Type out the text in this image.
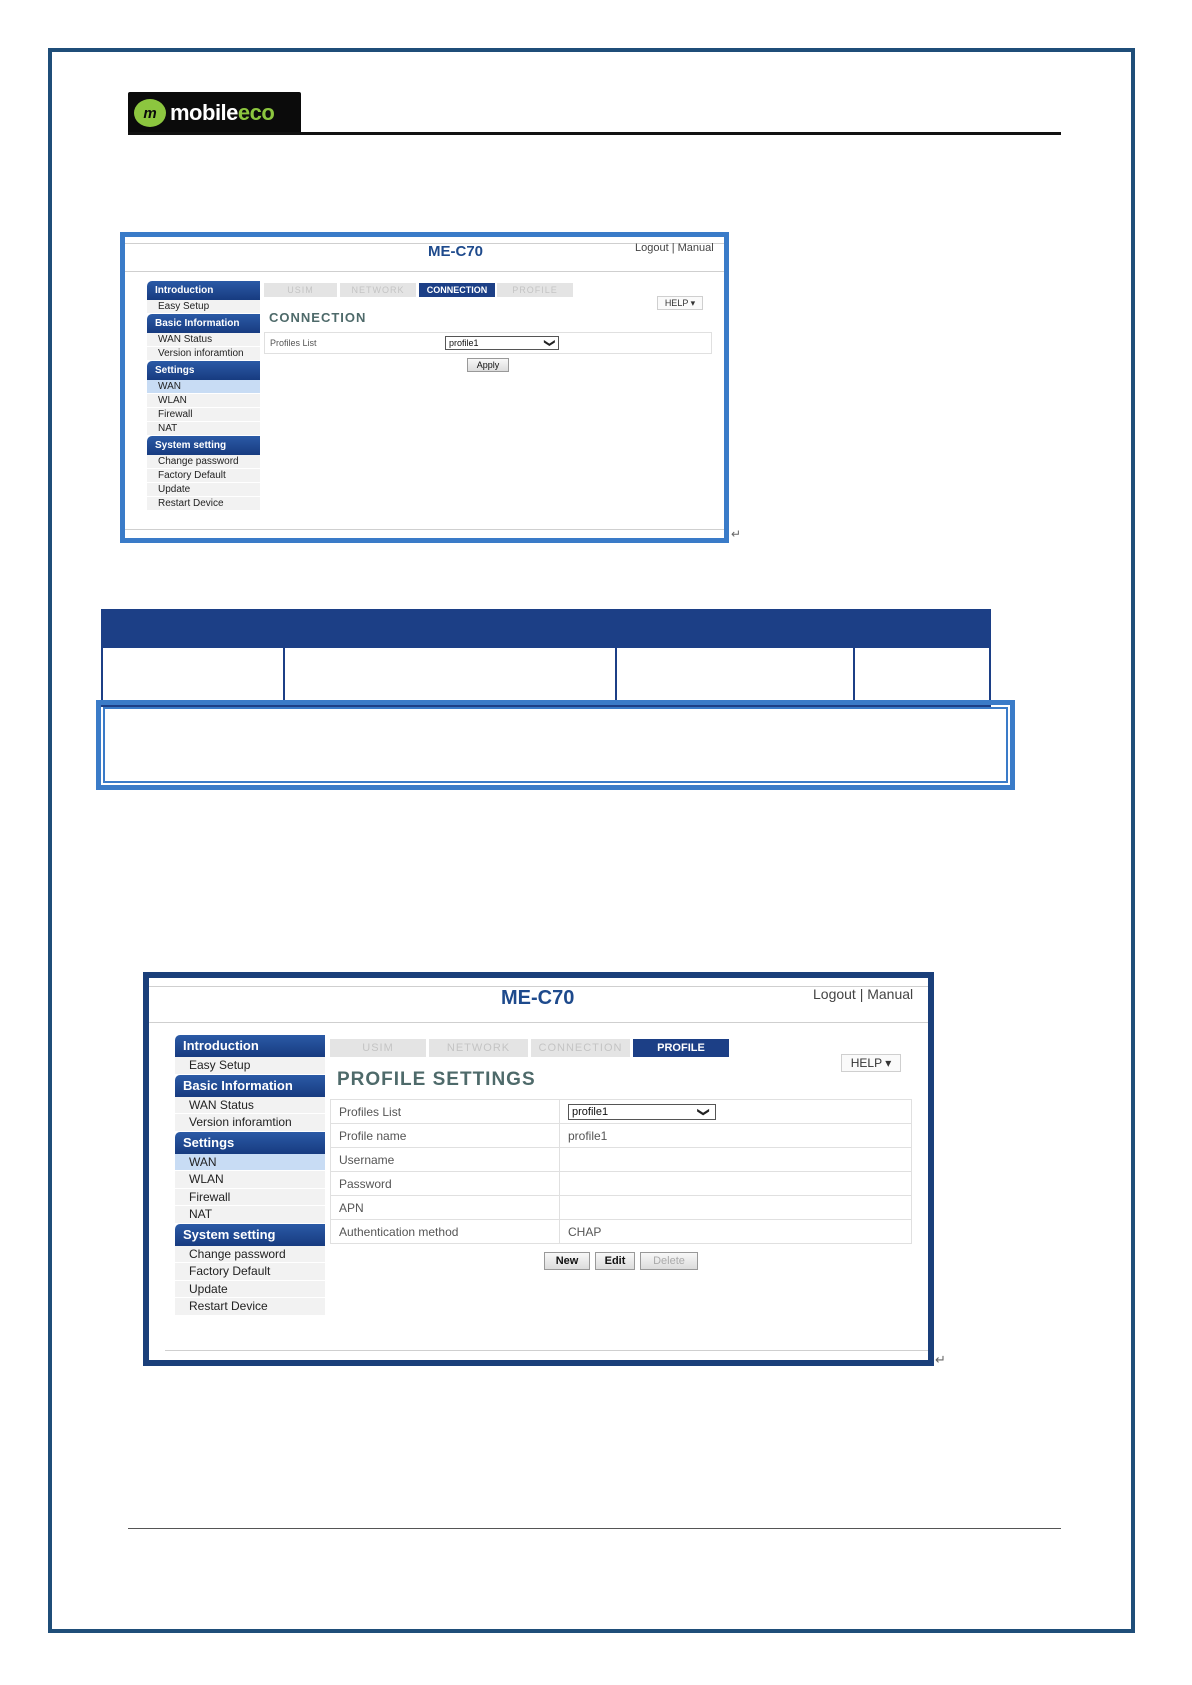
m mobileeco
ME-C70	Logout | Manual
Introduction
Easy Setup
Basic Information
WAN Status
Version inforamtion
Settings
WAN
WLAN
Firewall
NAT
System setting
Change password
Factory Default
Update
Restart Device
USIM	NETWORK	CONNECTION	PROFILE
HELP ▾
CONNECTION
Profiles List	profile1	❯
Apply
↵

ME-C70	Logout | Manual
Introduction
Easy Setup
Basic Information
WAN Status
Version inforamtion
Settings
WAN
WLAN
Firewall
NAT
System setting
Change password
Factory Default
Update
Restart Device
USIM	NETWORK	CONNECTION	PROFILE
HELP ▾
PROFILE SETTINGS
Profiles List	profile1 ❯

Profile name	profile1
Username	
Password	
APN	
Authentication method	CHAP
New	Edit	Delete
↵
